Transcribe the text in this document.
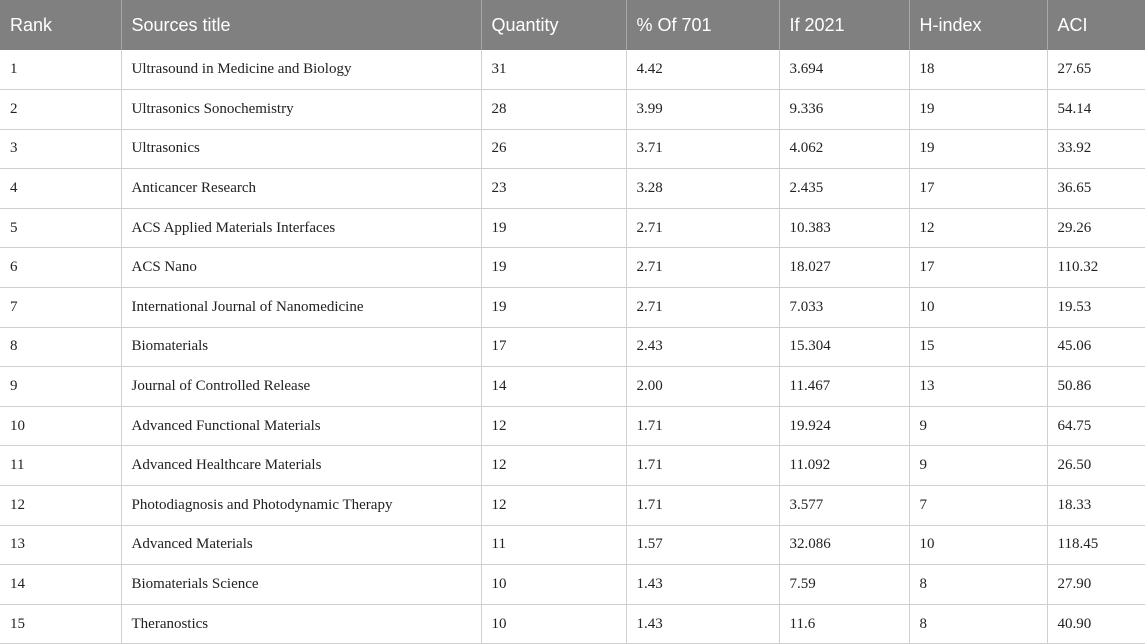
Rank	Sources title	Quantity	% Of 701	If 2021	H-index	ACI
1	Ultrasound in Medicine and Biology	31	4.42	3.694	18	27.65
2	Ultrasonics Sonochemistry	28	3.99	9.336	19	54.14
3	Ultrasonics	26	3.71	4.062	19	33.92
4	Anticancer Research	23	3.28	2.435	17	36.65
5	ACS Applied Materials Interfaces	19	2.71	10.383	12	29.26
6	ACS Nano	19	2.71	18.027	17	110.32
7	International Journal of Nanomedicine	19	2.71	7.033	10	19.53
8	Biomaterials	17	2.43	15.304	15	45.06
9	Journal of Controlled Release	14	2.00	11.467	13	50.86
10	Advanced Functional Materials	12	1.71	19.924	9	64.75
11	Advanced Healthcare Materials	12	1.71	11.092	9	26.50
12	Photodiagnosis and Photodynamic Therapy	12	1.71	3.577	7	18.33
13	Advanced Materials	11	1.57	32.086	10	118.45
14	Biomaterials Science	10	1.43	7.59	8	27.90
15	Theranostics	10	1.43	11.6	8	40.90
